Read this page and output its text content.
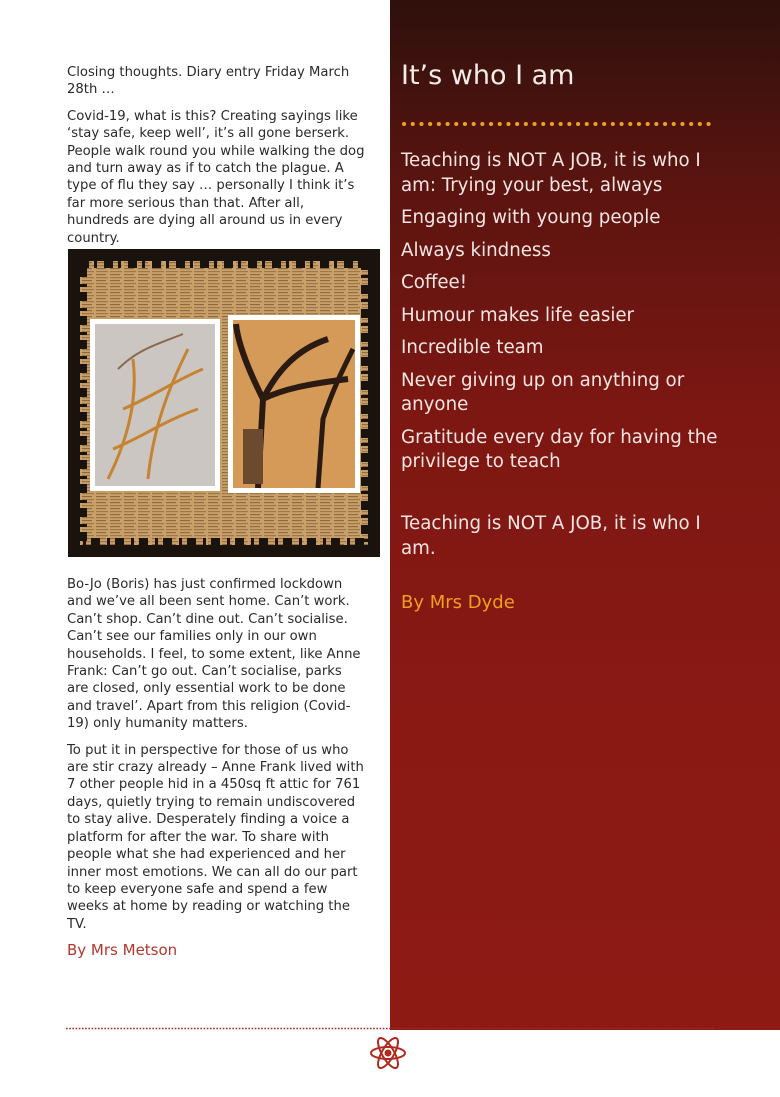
Closing thoughts. Diary entry Friday March 28th …

Covid-19, what is this? Creating sayings like ‘stay safe, keep well’, it’s all gone berserk. People walk round you while walking the dog and turn away as if to catch the plague. A type of flu they say … personally I think it’s far more serious than that. After all, hundreds are dying all around us in every country.

Bo-Jo (Boris) has just confirmed lockdown and we’ve all been sent home. Can’t work. Can’t shop. Can’t dine out. Can’t socialise. Can’t see our families only in our own households. I feel, to some extent, like Anne Frank: Can’t go out. Can’t socialise, parks are closed, only essential work to be done and travel’. Apart from this religion (Covid-19) only humanity matters.

To put it in perspective for those of us who are stir crazy already – Anne Frank lived with 7 other people hid in a 450sq ft attic for 761 days, quietly trying to remain undiscovered to stay alive. Desperately finding a voice a platform for after the war. To share with people what she had experienced and her inner most emotions. We can all do our part to keep everyone safe and spend a few weeks at home by reading or watching the TV.

By Mrs Metson

It’s who I am
Teaching is NOT A JOB, it is who I am: Trying your best, always
Engaging with young people
Always kindness
Coffee!
Humour makes life easier
Incredible team
Never giving up on anything or anyone
Gratitude every day for having the privilege to teach

Teaching is NOT A JOB, it is who I am.

By Mrs Dyde
